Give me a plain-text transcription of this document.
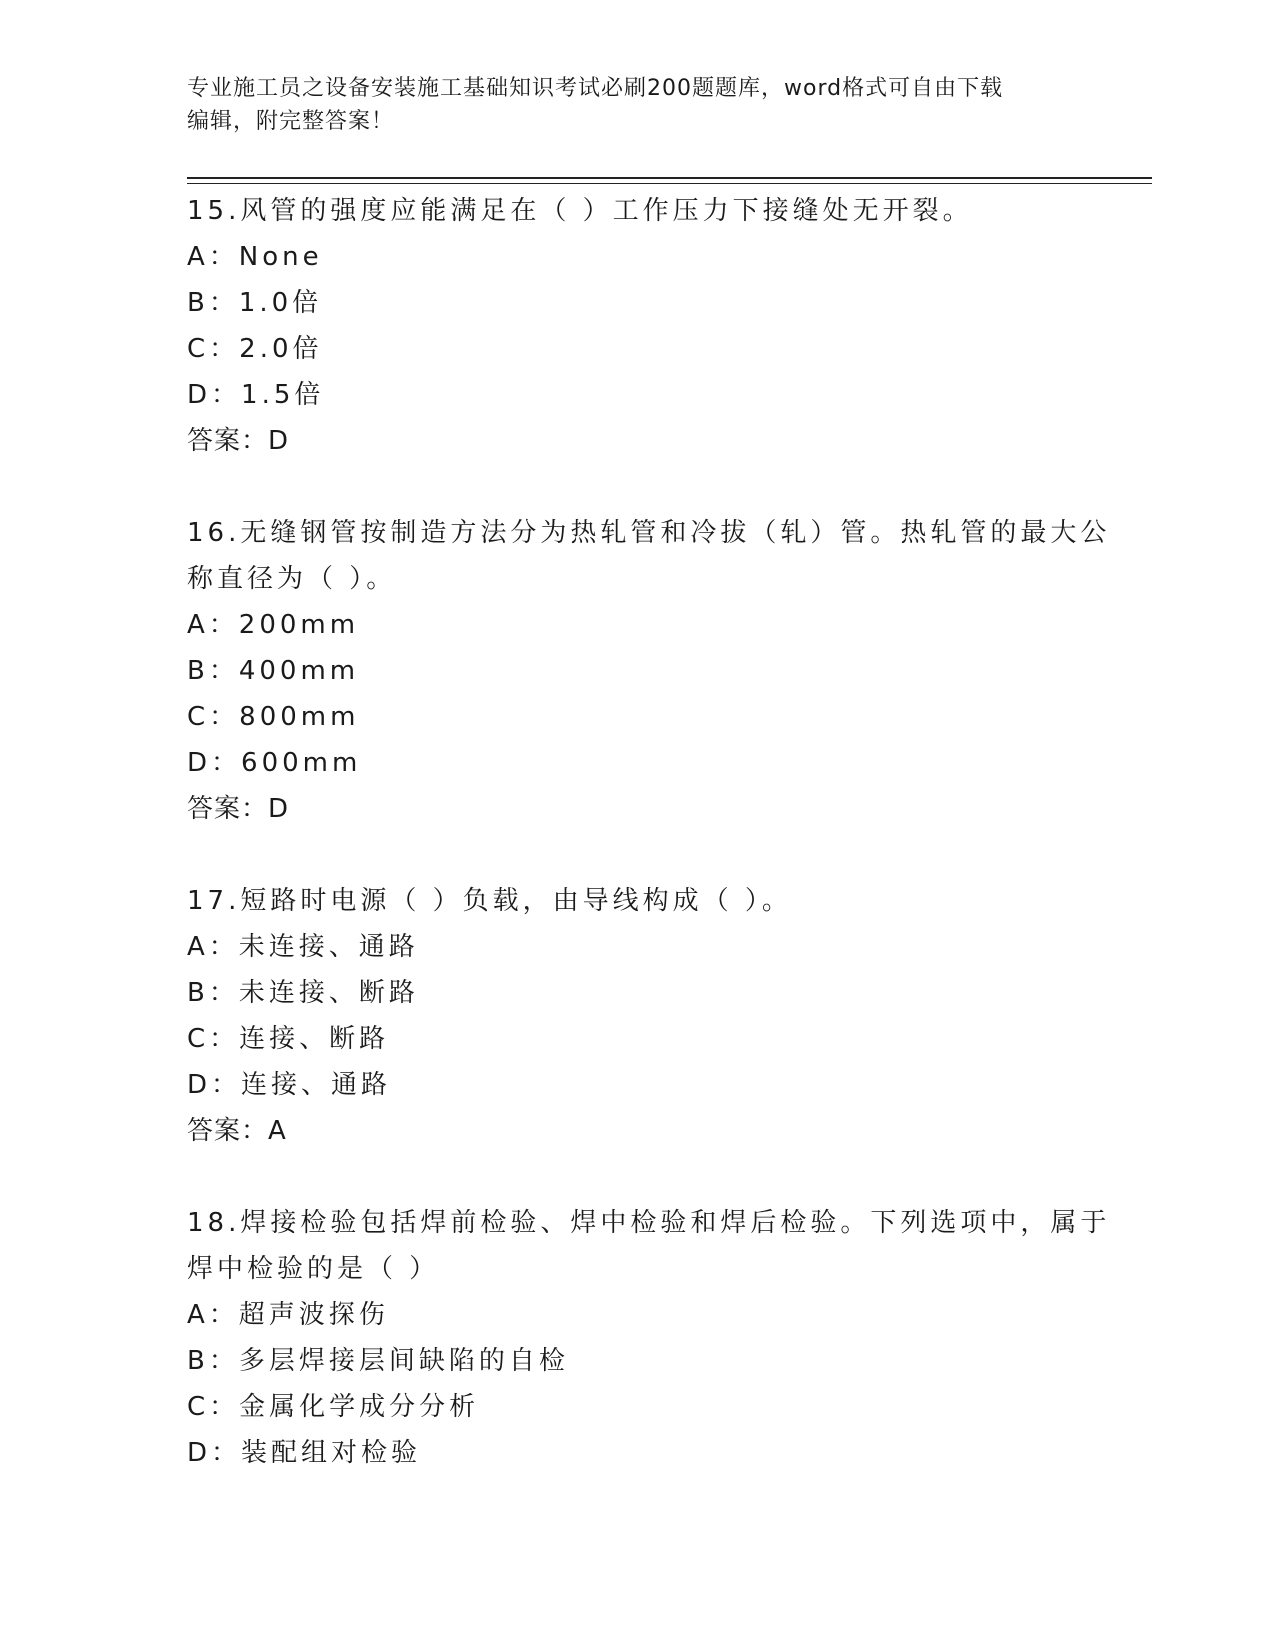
专业施工员之设备安装施工基础知识考试必刷200题题库，word格式可自由下载
编辑，附完整答案！
15.风管的强度应能满足在（ ）工作压力下接缝处无开裂。
A：None
B：1.0倍
C：2.0倍
D：1.5倍
答案：D
16.无缝钢管按制造方法分为热轧管和冷拔（轧）管。热轧管的最大公
称直径为（ ）。
A：200mm
B：400mm
C：800mm
D：600mm
答案：D
17.短路时电源（ ）负载，由导线构成（ ）。
A：未连接、通路
B：未连接、断路
C：连接、断路
D：连接、通路
答案：A
18.焊接检验包括焊前检验、焊中检验和焊后检验。下列选项中，属于
焊中检验的是（ ）
A：超声波探伤
B：多层焊接层间缺陷的自检
C：金属化学成分分析
D：装配组对检验
